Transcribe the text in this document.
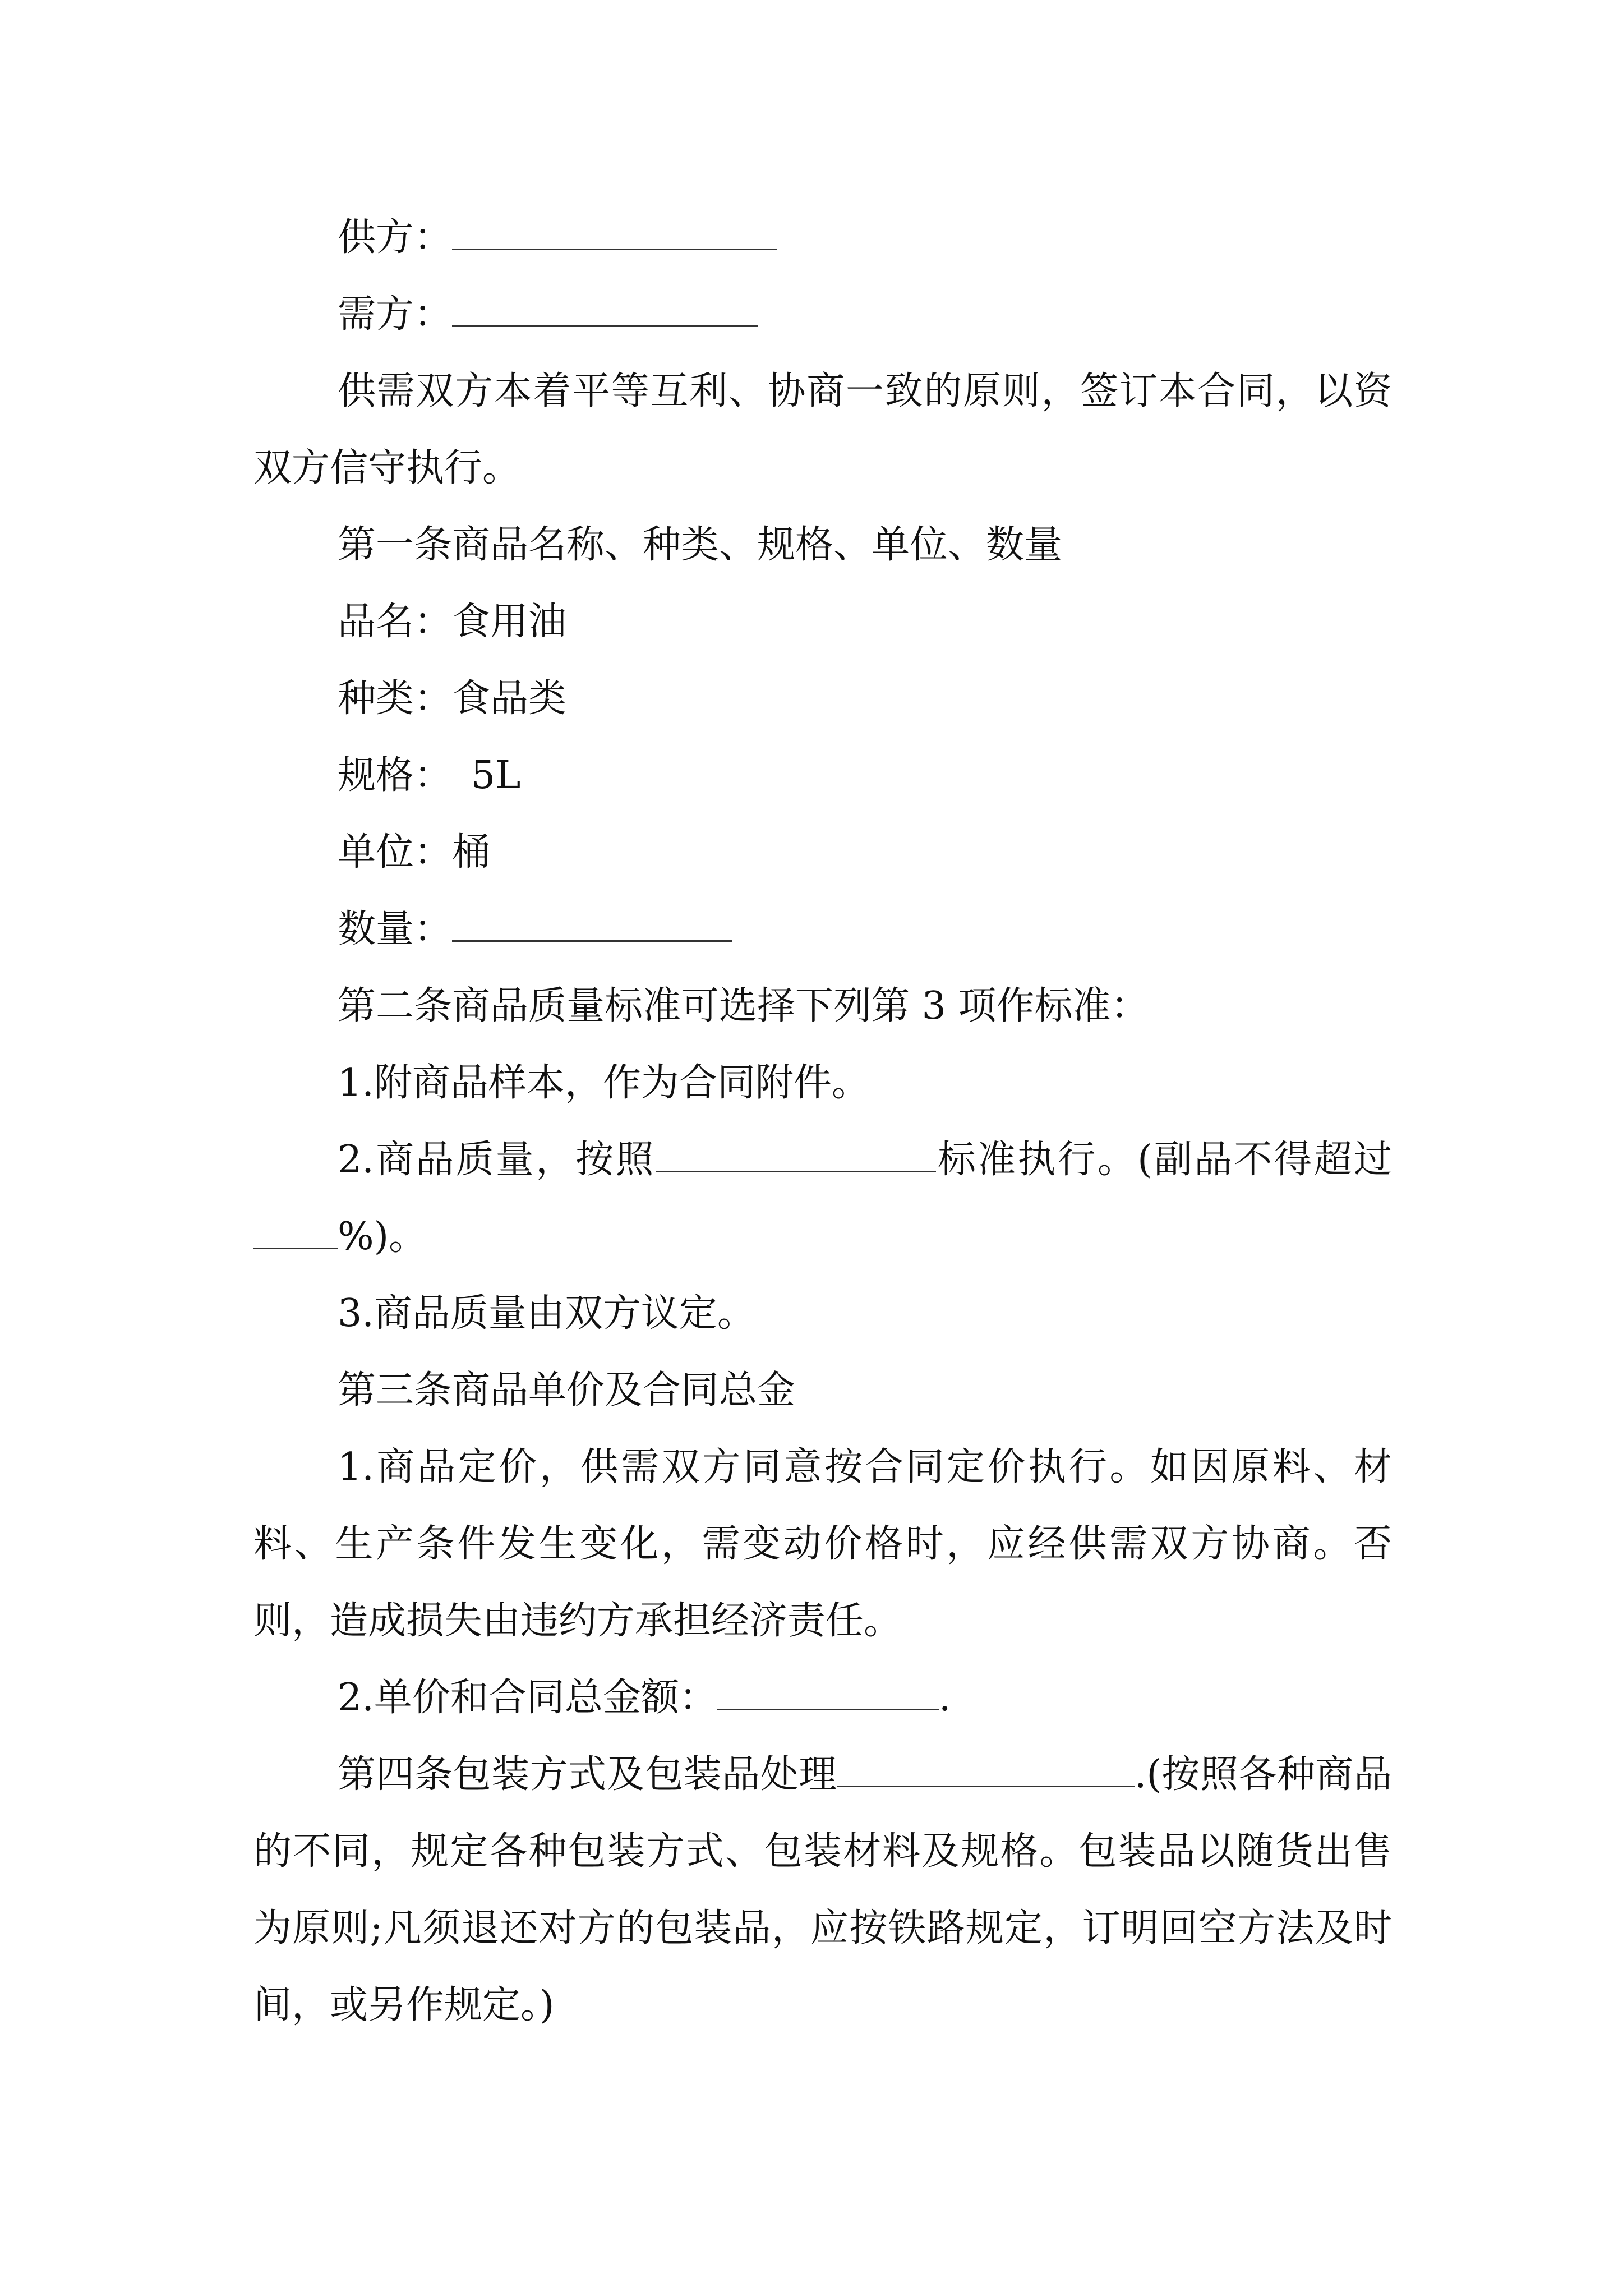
供方：

需方：

供需双方本着平等互利、协商一致的原则，签订本合同，以资双方信守执行。

第一条商品名称、种类、规格、单位、数量

品名：食用油

种类：食品类

规格： 5L

单位：桶

数量：

第二条商品质量标准可选择下列第 3 项作标准：

1.附商品样本，作为合同附件。

2.商品质量，按照	标准执行。(副品不得超过%)。

3.商品质量由双方议定。

第三条商品单价及合同总金

1.商品定价，供需双方同意按合同定价执行。如因原料、材料、生产条件发生变化，需变动价格时，应经供需双方协商。否则，造成损失由违约方承担经济责任。

2.单价和合同总金额：	.

第四条包装方式及包装品处理	.(按照各种商品的不同，规定各种包装方式、包装材料及规格。包装品以随货出售为原则;凡须退还对方的包装品，应按铁路规定，订明回空方法及时间，或另作规定。)
